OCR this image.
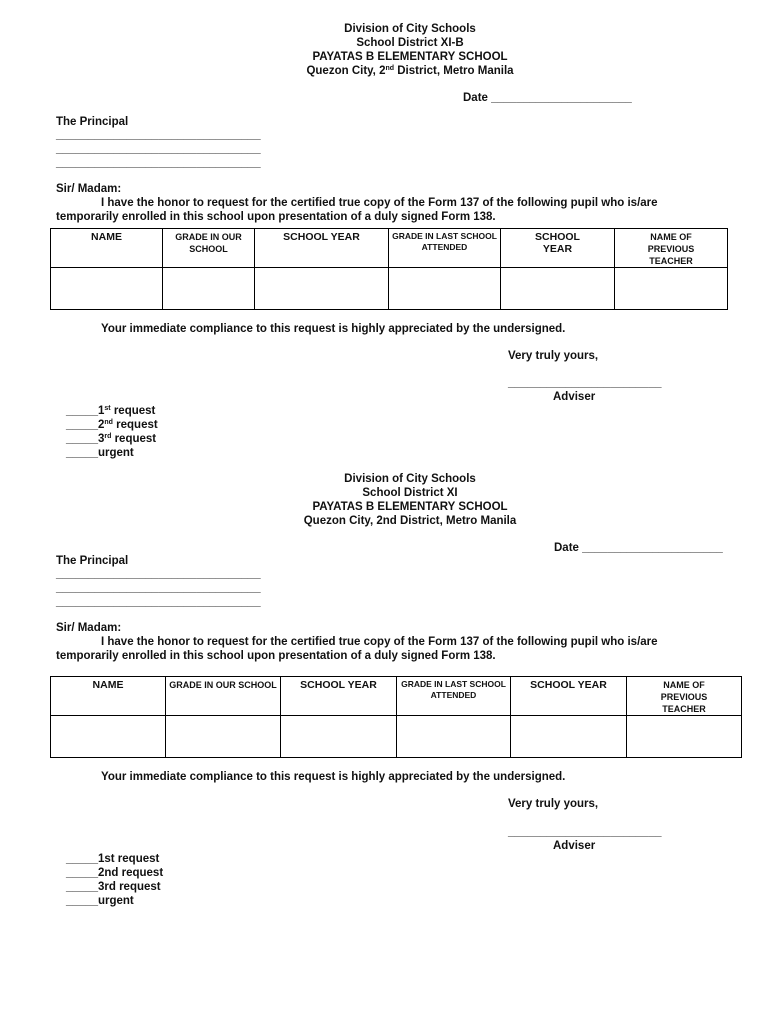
Division of City Schools
School District XI-B
PAYATAS B ELEMENTARY SCHOOL
Quezon City, 2nd District, Metro Manila
Date ______________________
The Principal
________________________________
________________________________
________________________________
Sir/ Madam:
I have the honor to request for the certified true copy of the Form 137 of the following pupil who is/are
temporarily enrolled in this school upon presentation of a duly signed Form 138.
NAME	GRADE IN OUR SCHOOL	SCHOOL YEAR	GRADE IN LAST SCHOOL ATTENDED	SCHOOL YEAR	NAME OF PREVIOUS TEACHER

Your immediate compliance to this request is highly appreciated by the undersigned.
Very truly yours,
________________________
Adviser
_____1st request
_____2nd request
_____3rd request
_____urgent
Division of City Schools
School District XI
PAYATAS B ELEMENTARY SCHOOL
Quezon City, 2nd District, Metro Manila
Date ______________________
The Principal
________________________________
________________________________
________________________________
Sir/ Madam:
I have the honor to request for the certified true copy of the Form 137 of the following pupil who is/are
temporarily enrolled in this school upon presentation of a duly signed Form 138.
NAME	GRADE IN OUR SCHOOL	SCHOOL YEAR	GRADE IN LAST SCHOOL ATTENDED	SCHOOL YEAR	NAME OF PREVIOUS TEACHER

Your immediate compliance to this request is highly appreciated by the undersigned.
Very truly yours,
________________________
Adviser
_____1st request
_____2nd request
_____3rd request
_____urgent
